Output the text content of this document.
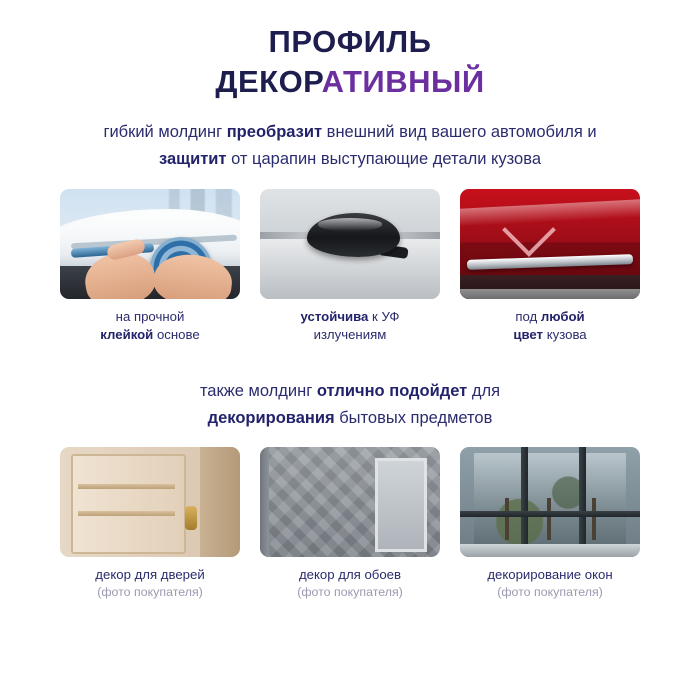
ПРОФИЛЬ
ДЕКОРАТИВНЫЙ
гибкий молдинг преобразит внешний вид вашего автомобиля и защитит от царапин выступающие детали кузова
на прочной
клейкой основе
устойчива к УФ
излучениям
под любой
цвет кузова
также молдинг отлично подойдет для
декорирования бытовых предметов
декор для дверей
(фото покупателя)
декор для обоев
(фото покупателя)
декорирование окон
(фото покупателя)
